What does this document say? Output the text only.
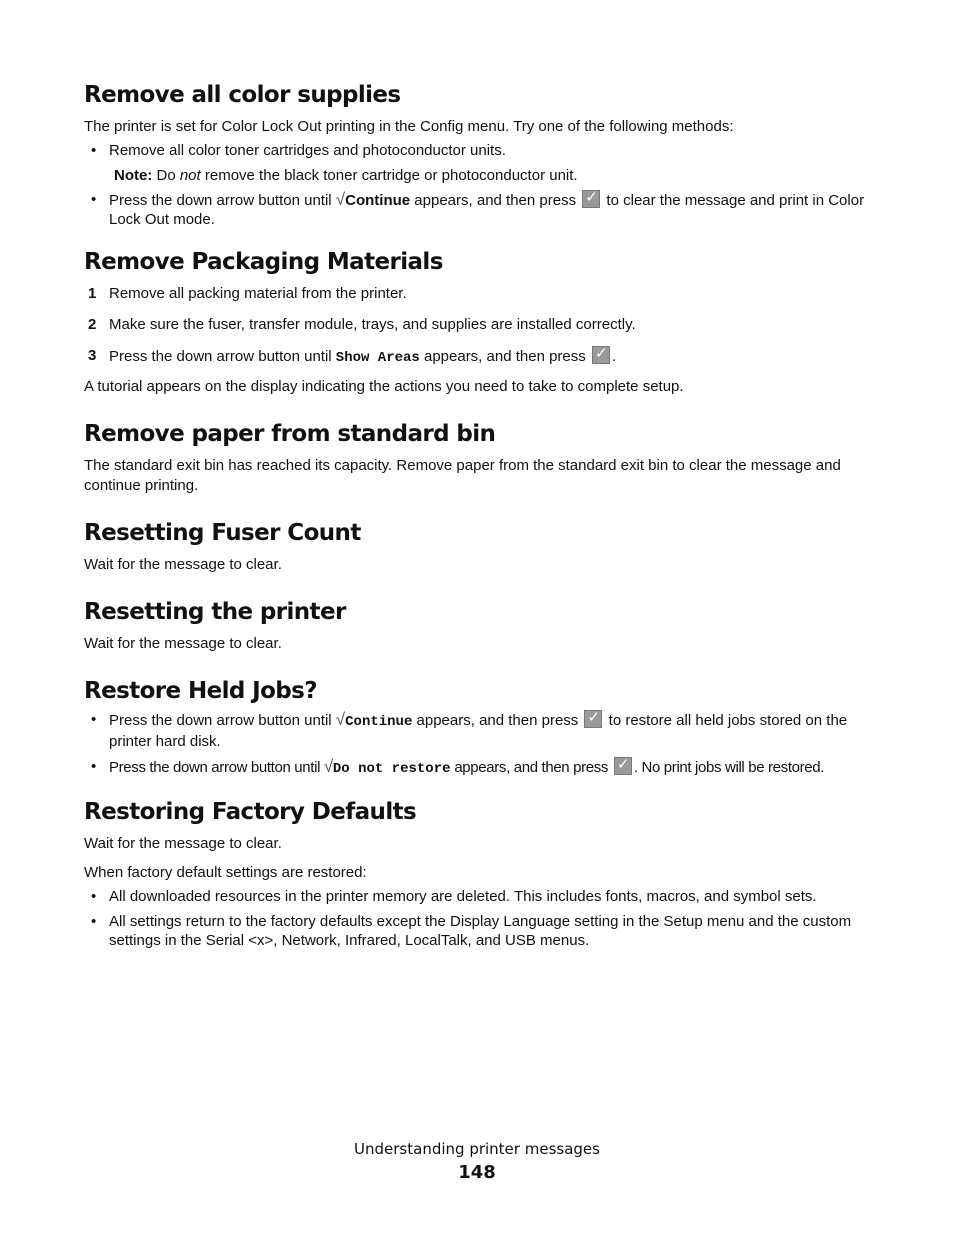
Remove all color supplies

The printer is set for Color Lock Out printing in the Config menu. Try one of the following methods:

• Remove all color toner cartridges and photoconductor units.
Note: Do not remove the black toner cartridge or photoconductor unit.
• Press the down arrow button until √Continue appears, and then press ✓ to clear the message and print in Color Lock Out mode.
Remove Packaging Materials
1 Remove all packing material from the printer.
2 Make sure the fuser, transfer module, trays, and supplies are installed correctly.
3 Press the down arrow button until Show Areas appears, and then press ✓.

A tutorial appears on the display indicating the actions you need to take to complete setup.

Remove paper from standard bin

The standard exit bin has reached its capacity. Remove paper from the standard exit bin to clear the message and continue printing.

Resetting Fuser Count

Wait for the message to clear.

Resetting the printer

Wait for the message to clear.

Restore Held Jobs?
• Press the down arrow button until √Continue appears, and then press ✓ to restore all held jobs stored on the printer hard disk.
• Press the down arrow button until √Do not restore appears, and then press ✓. No print jobs will be restored.
Restoring Factory Defaults

Wait for the message to clear.

When factory default settings are restored:

• All downloaded resources in the printer memory are deleted. This includes fonts, macros, and symbol sets.
• All settings return to the factory defaults except the Display Language setting in the Setup menu and the custom settings in the Serial <x>, Network, Infrared, LocalTalk, and USB menus.
Understanding printer messages
148
